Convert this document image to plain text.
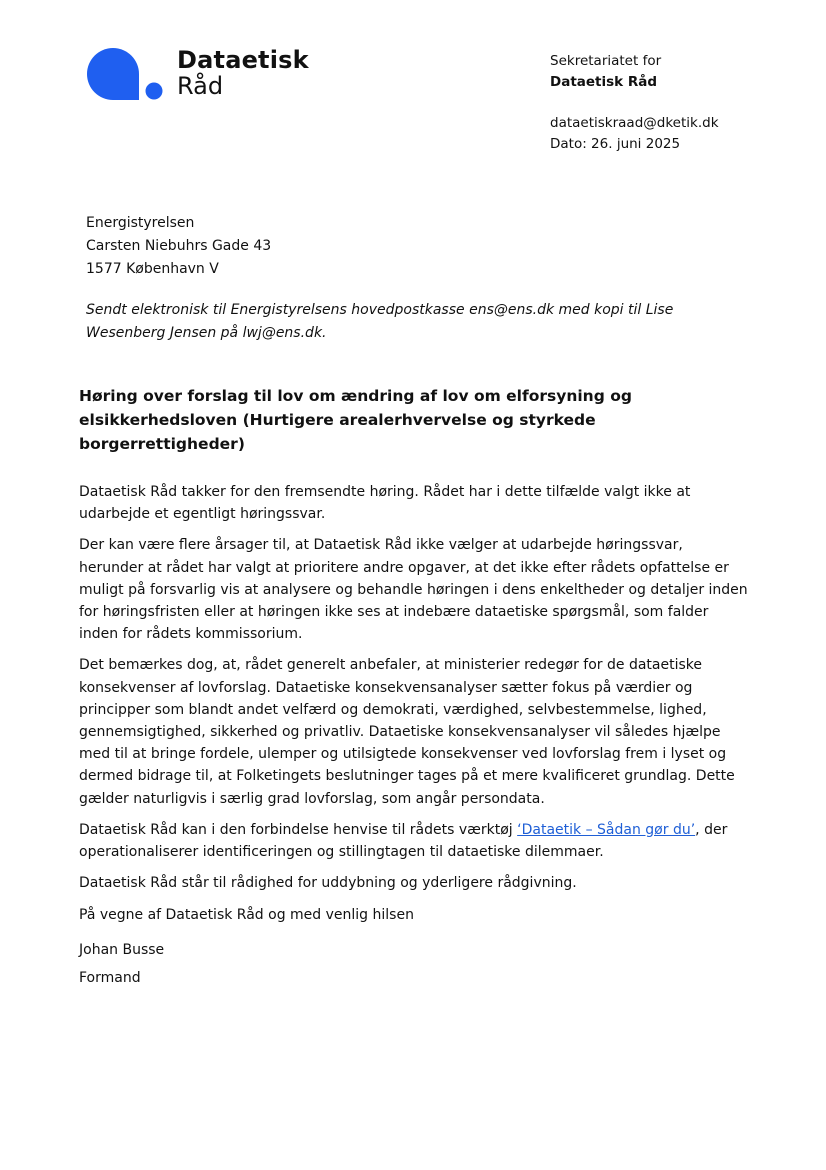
Dataetisk
Råd
Sekretariatet for
Dataetisk Råd
dataetiskraad@dketik.dk
Dato: 26. juni 2025
Energistyrelsen
Carsten Niebuhrs Gade 43
1577 København V
Sendt elektronisk til Energistyrelsens hovedpostkasse ens@ens.dk med kopi til Lise Wesenberg Jensen på lwj@ens.dk.
Høring over forslag til lov om ændring af lov om elforsyning og elsikkerhedsloven (Hurtigere arealerhvervelse og styrkede borgerrettigheder)

Dataetisk Råd takker for den fremsendte høring. Rådet har i dette tilfælde valgt ikke at udarbejde et egentligt høringssvar.

Der kan være flere årsager til, at Dataetisk Råd ikke vælger at udarbejde høringssvar, herunder at rådet har valgt at prioritere andre opgaver, at det ikke efter rådets opfattelse er muligt på forsvarlig vis at analysere og behandle høringen i dens enkeltheder og detaljer inden for høringsfristen eller at høringen ikke ses at indebære dataetiske spørgsmål, som falder inden for rådets kommissorium.

Det bemærkes dog, at, rådet generelt anbefaler, at ministerier redegør for de dataetiske konsekvenser af lovforslag. Dataetiske konsekvensanalyser sætter fokus på værdier og principper som blandt andet velfærd og demokrati, værdighed, selvbestemmelse, lighed, gennemsigtighed, sikkerhed og privatliv. Dataetiske konsekvensanalyser vil således hjælpe med til at bringe fordele, ulemper og utilsigtede konsekvenser ved lovforslag frem i lyset og dermed bidrage til, at Folketingets beslutninger tages på et mere kvalificeret grundlag. Dette gælder naturligvis i særlig grad lovforslag, som angår persondata.

Dataetisk Råd kan i den forbindelse henvise til rådets værktøj ‘Dataetik – Sådan gør du’, der operationaliserer identificeringen og stillingtagen til dataetiske dilemmaer.

Dataetisk Råd står til rådighed for uddybning og yderligere rådgivning.

På vegne af Dataetisk Råd og med venlig hilsen

Johan Busse

Formand
